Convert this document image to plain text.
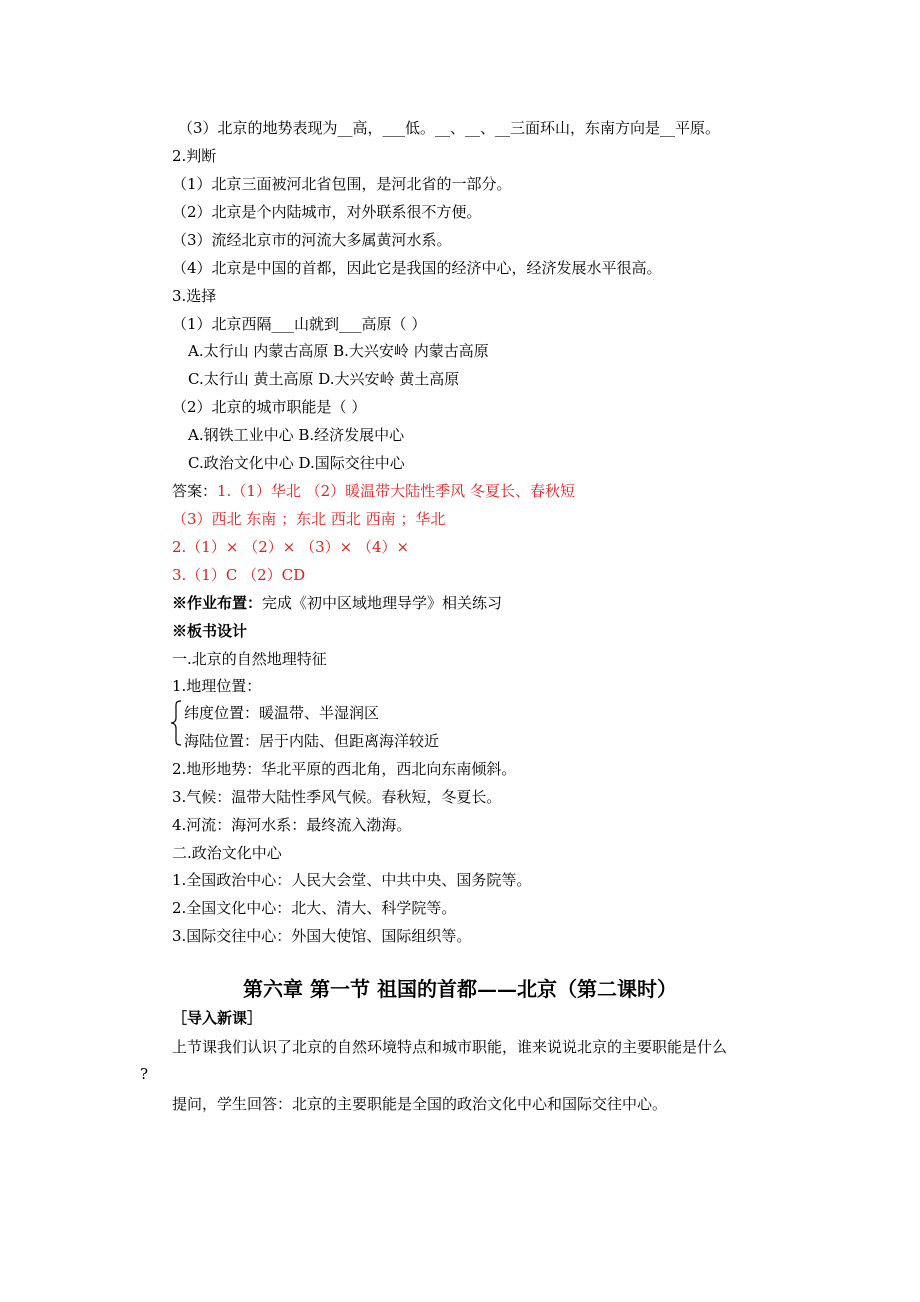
（3）北京的地势表现为__高，___低。__、__、__三面环山，东南方向是__平原。
2.判断
（1）北京三面被河北省包围，是河北省的一部分。
（2）北京是个内陆城市，对外联系很不方便。
（3）流经北京市的河流大多属黄河水系。
（4）北京是中国的首都，因此它是我国的经济中心，经济发展水平很高。
3.选择
（1）北京西隔___山就到___高原（ ）
A.太行山 内蒙古高原 B.大兴安岭 内蒙古高原
C.太行山 黄土高原 D.大兴安岭 黄土高原
（2）北京的城市职能是（ ）
A.钢铁工业中心 B.经济发展中心
C.政治文化中心 D.国际交往中心
答案：1.（1）华北 （2）暖温带大陆性季风 冬夏长、春秋短
（3）西北 东南 ；东北 西北 西南 ；华北
2.（1）× （2）× （3）× （4）×
3.（1）C （2）CD
※作业布置：完成《初中区域地理导学》相关练习
※板书设计
一.北京的自然地理特征
1.地理位置：
纬度位置：暖温带、半湿润区
海陆位置：居于内陆、但距离海洋较近
2.地形地势：华北平原的西北角，西北向东南倾斜。
3.气候：温带大陆性季风气候。春秋短，冬夏长。
4.河流：海河水系：最终流入渤海。
二.政治文化中心
1.全国政治中心：人民大会堂、中共中央、国务院等。
2.全国文化中心：北大、清大、科学院等。
3.国际交往中心：外国大使馆、国际组织等。
第六章 第一节 祖国的首都——北京（第二课时）
［导入新课］
上节课我们认识了北京的自然环境特点和城市职能，谁来说说北京的主要职能是什么
?
提问，学生回答：北京的主要职能是全国的政治文化中心和国际交往中心。
